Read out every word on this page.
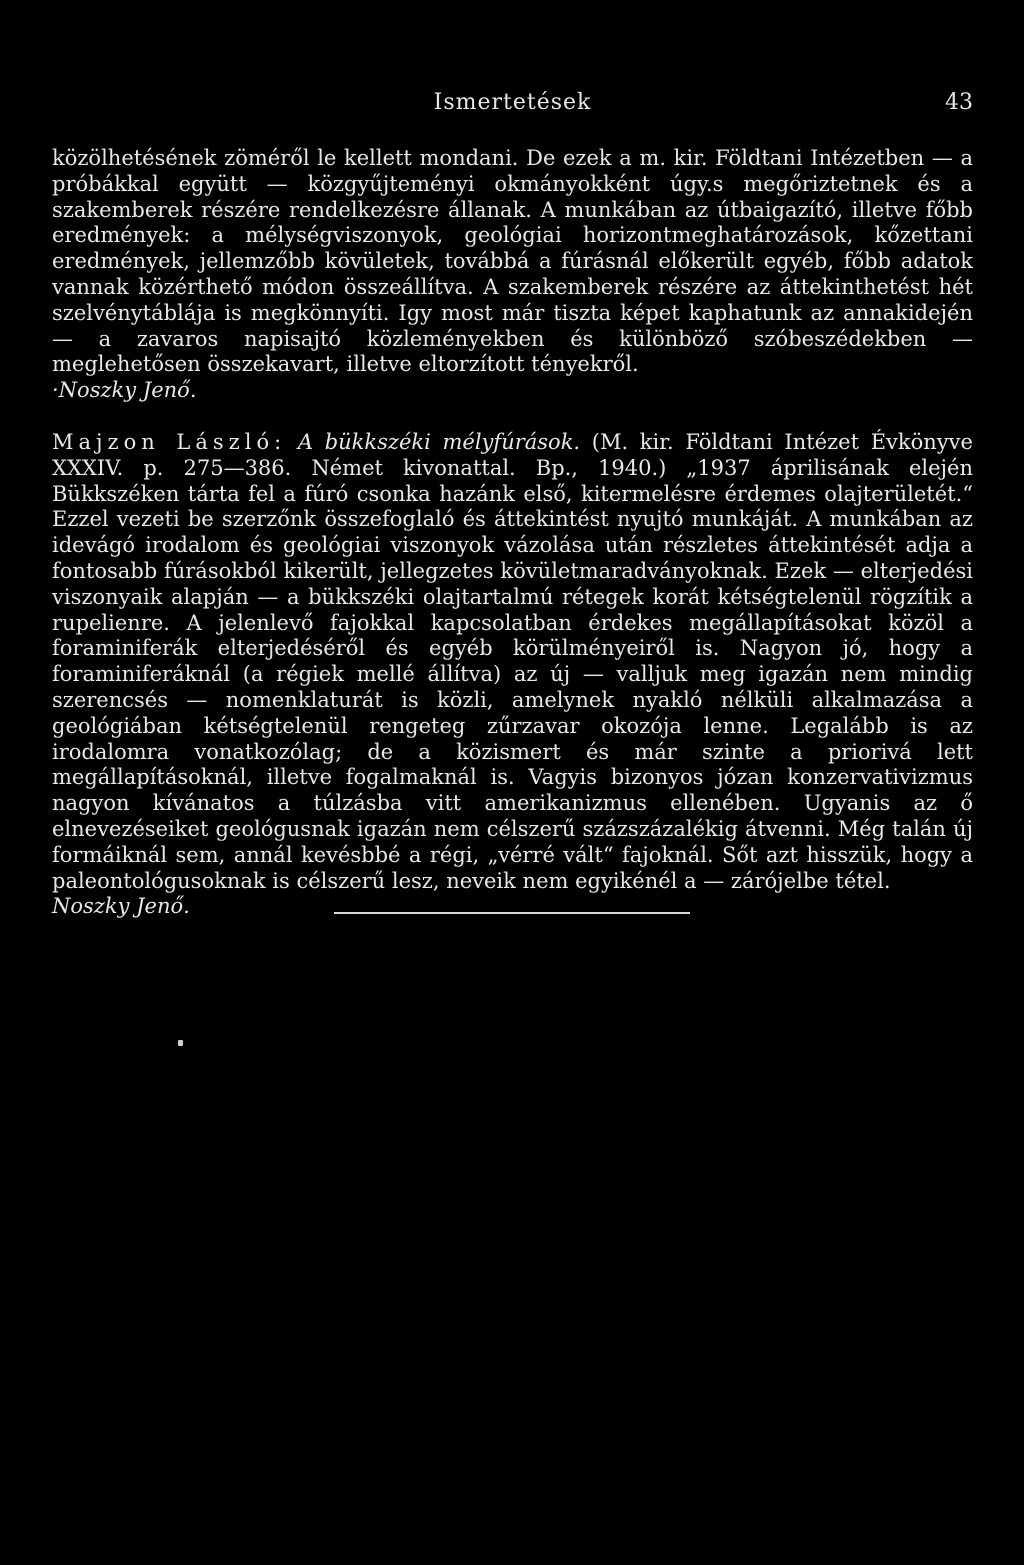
Ismertetések	43

közölhetésének zöméről le kellett mondani. De ezek a m. kir. Földtani Intézetben — a próbákkal együtt — közgyűjteményi okmányokként úgy.s megőriztetnek és a szakemberek részére rendelkezésre állanak. A munkában az útbaigazító, illetve főbb eredmények: a mélységviszonyok, geológiai horizontmeghatározások, kőzettani eredmények, jellemzőbb kövületek, továbbá a fúrásnál előkerült egyéb, főbb adatok vannak közérthető módon összeállítva. A szakemberek részére az áttekinthetést hét szelvénytáblája is megkönnyíti. Igy most már tiszta képet kaphatunk az annakidején — a zavaros napisajtó közleményekben és különböző szóbeszédekben — meglehetősen összekavart, illetve eltorzított tényekről.

·Noszky Jenő.

Majzon László: A bükkszéki mélyfúrások. (M. kir. Földtani Intézet Évkönyve XXXIV. p. 275—386. Német kivonattal. Bp., 1940.) „1937 áprilisának elején Bükkszéken tárta fel a fúró csonka hazánk első, kitermelésre érdemes olajterületét.“ Ezzel vezeti be szerzőnk összefoglaló és áttekintést nyujtó munkáját. A munkában az idevágó irodalom és geológiai viszonyok vázolása után részletes áttekintését adja a fontosabb fúrásokból kikerült, jellegzetes kövületmaradványoknak. Ezek — elterjedési viszonyaik alapján — a bükkszéki olajtartalmú rétegek korát kétségtelenül rögzítik a rupelienre. A jelenlevő fajokkal kapcsolatban érdekes megállapításokat közöl a foraminiferák elterjedéséről és egyéb körülményeiről is. Nagyon jó, hogy a foraminiferáknál (a régiek mellé állítva) az új — valljuk meg igazán nem mindig szerencsés — nomenklaturát is közli, amelynek nyakló nélküli alkalmazása a geológiában kétségtelenül rengeteg zűrzavar okozója lenne. Legalább is az irodalomra vonatkozólag; de a közismert és már szinte a priorivá lett megállapításoknál, illetve fogalmaknál is. Vagyis bizonyos józan konzervativizmus nagyon kívánatos a túlzásba vitt amerikanizmus ellenében. Ugyanis az ő elnevezéseiket geológusnak igazán nem célszerű százszázalékig átvenni. Még talán új formáiknál sem, annál kevésbbé a régi, „vérré vált“ fajoknál. Sőt azt hisszük, hogy a paleontológusoknak is célszerű lesz, neveik nem egyikénél a — zárójelbe tétel.

Noszky Jenő.
